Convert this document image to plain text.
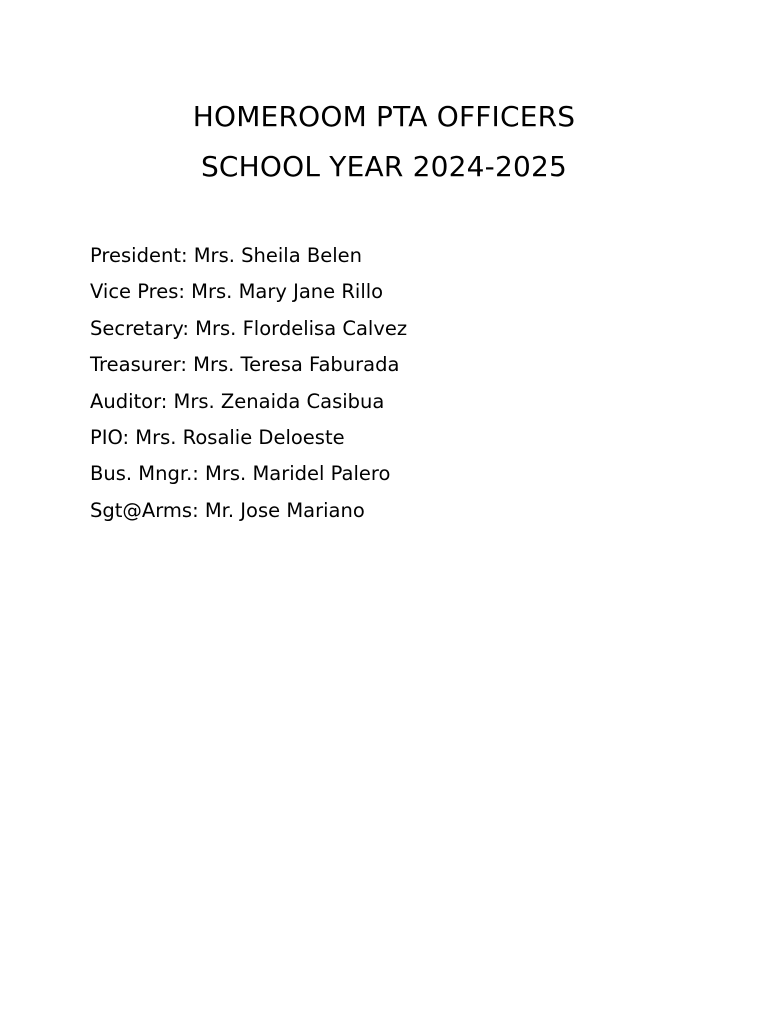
HOMEROOM PTA OFFICERS
SCHOOL YEAR 2024-2025
President: Mrs. Sheila Belen
Vice Pres: Mrs. Mary Jane Rillo
Secretary: Mrs. Flordelisa Calvez
Treasurer: Mrs. Teresa Faburada
Auditor: Mrs. Zenaida Casibua
PIO: Mrs. Rosalie Deloeste
Bus. Mngr.: Mrs. Maridel Palero
Sgt@Arms: Mr. Jose Mariano
